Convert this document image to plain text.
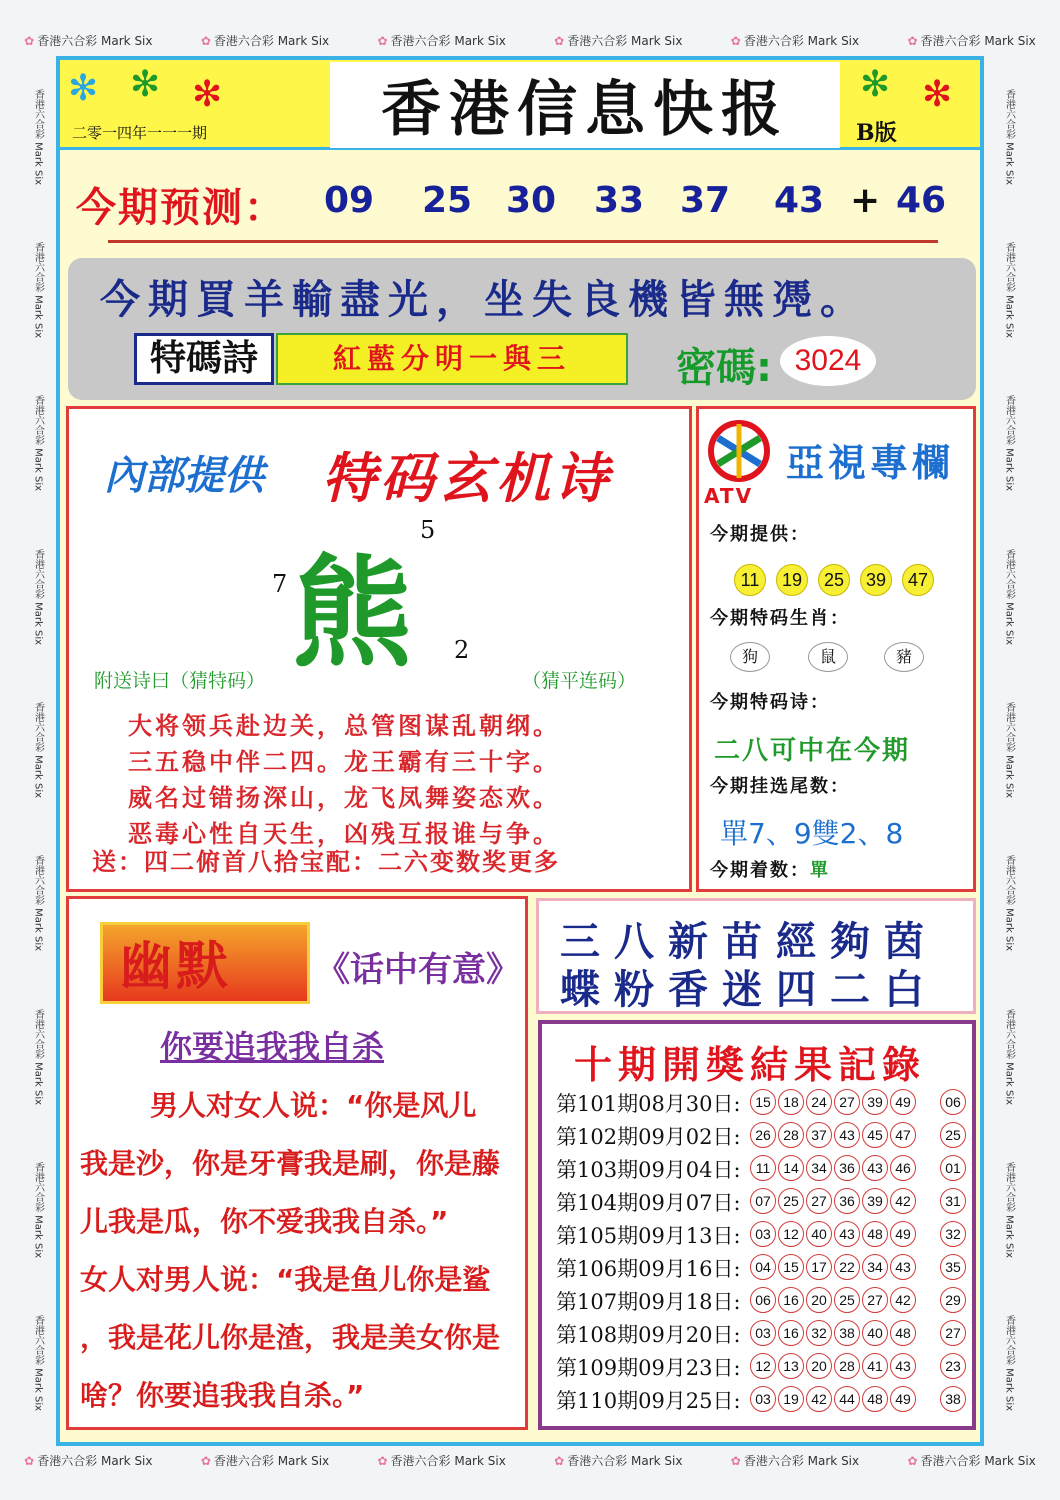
✿ 香港六合彩 Mark Six	✿ 香港六合彩 Mark Six	✿ 香港六合彩 Mark Six	✿ 香港六合彩 Mark Six	✿ 香港六合彩 Mark Six	✿ 香港六合彩 Mark Six
✿ 香港六合彩 Mark Six	✿ 香港六合彩 Mark Six	✿ 香港六合彩 Mark Six	✿ 香港六合彩 Mark Six	✿ 香港六合彩 Mark Six	✿ 香港六合彩 Mark Six
香港六合彩 Mark Six
香港六合彩 Mark Six
香港六合彩 Mark Six
香港六合彩 Mark Six
香港六合彩 Mark Six
香港六合彩 Mark Six
香港六合彩 Mark Six
香港六合彩 Mark Six
香港六合彩 Mark Six
香港六合彩 Mark Six
香港六合彩 Mark Six
香港六合彩 Mark Six
香港六合彩 Mark Six
香港六合彩 Mark Six
香港六合彩 Mark Six
香港六合彩 Mark Six
香港六合彩 Mark Six
香港六合彩 Mark Six
✻ ✻ ✻	✻ ✻
香港信息快报
二零一四年一一一期	B版
今期预测： ★ 09 ★ 25 ★ 30 ★ 33 ★ 37 ★ 43 + ★ 46
今期買羊輸盡光，坐失良機皆無凴。
特碼詩	紅藍分明一與三	密碼: 3024
內部提供 特码玄机诗
熊
5
7
2
附送诗曰（猜特码）	（猜平连码）
大将领兵赴边关，总管图谋乱朝纲。
三五稳中伴二四。龙王霸有三十字。
威名过错扬深山，龙飞凤舞姿态欢。
恶毒心性自天生，凶残互报谁与争。
送：四二俯首八拾宝配：二六变数奖更多
ATV
亞視專欄
今期提供：
11	19	25	39	47
今期特码生肖：
狗	鼠	豬
今期特码诗：
二八可中在今期
今期挂选尾数：
單7、9雙2、8
今期着数：單
幽默 《话中有意》
你要追我我自杀
男人对女人说：“你是风儿
我是沙，你是牙膏我是刷，你是藤
儿我是瓜，你不爱我我自杀。”
女人对男人说：“我是鱼儿你是鲨
，我是花儿你是渣，我是美女你是
啥？你要追我我自杀。”
三八新苗經夠茵
蝶粉香迷四二白
十期開獎結果記錄
第101期08月30日:	15 18 24 27 39 49	06
第102期09月02日:	26 28 37 43 45 47	25
第103期09月04日:	11 14 34 36 43 46	01
第104期09月07日:	07 25 27 36 39 42	31
第105期09月13日:	03 12 40 43 48 49	32
第106期09月16日:	04 15 17 22 34 43	35
第107期09月18日:	06 16 20 25 27 42	29
第108期09月20日:	03 16 32 38 40 48	27
第109期09月23日:	12 13 20 28 41 43	23
第110期09月25日:	03 19 42 44 48 49	38
